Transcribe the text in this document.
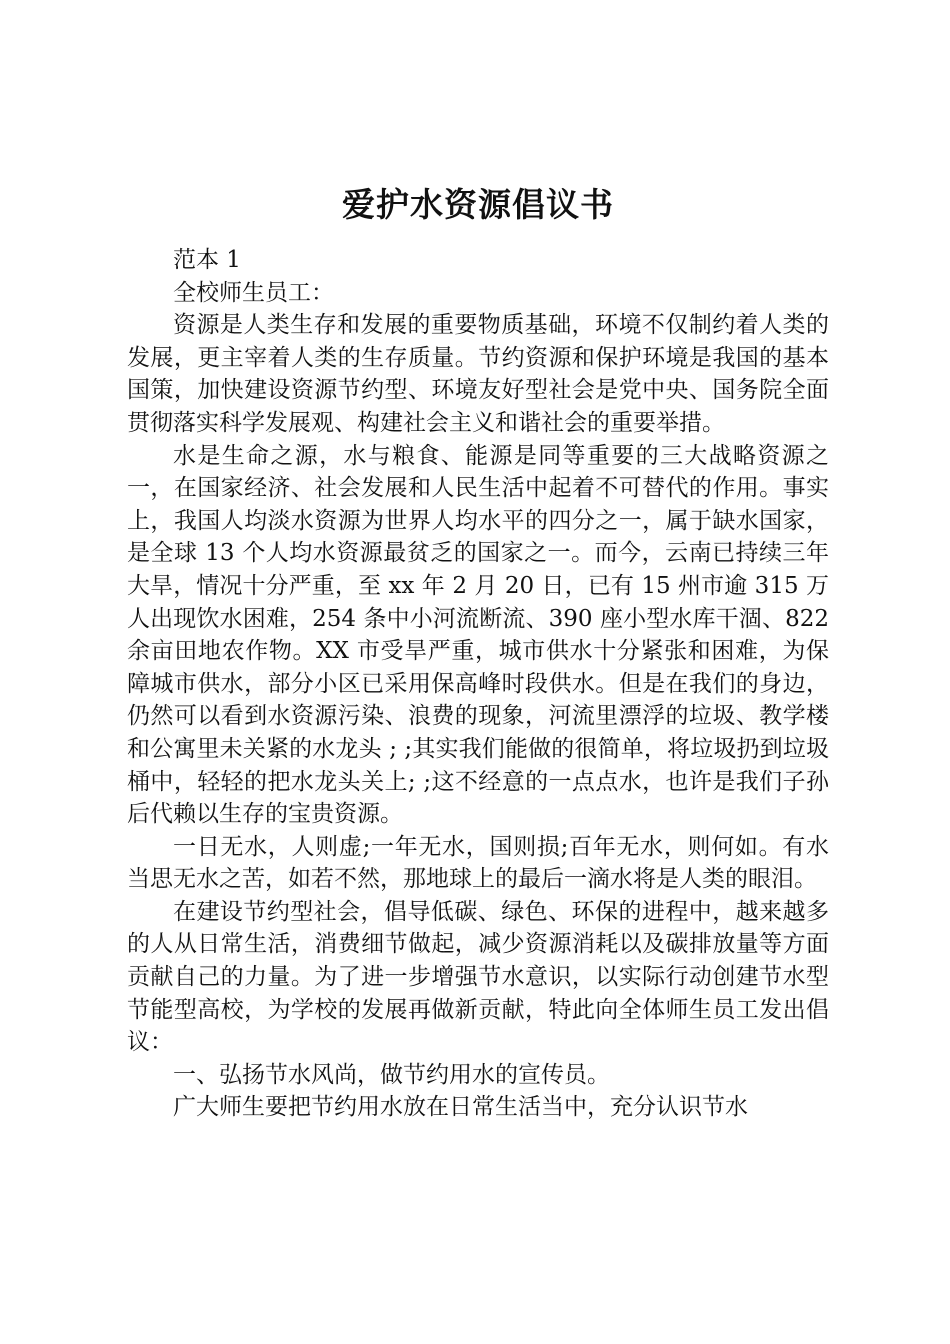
爱护水资源倡议书

范本 1

全校师生员工：

资源是人类生存和发展的重要物质基础，环境不仅制约着人类的发展，更主宰着人类的生存质量。节约资源和保护环境是我国的基本国策，加快建设资源节约型、环境友好型社会是党中央、国务院全面贯彻落实科学发展观、构建社会主义和谐社会的重要举措。

水是生命之源，水与粮食、能源是同等重要的三大战略资源之一，在国家经济、社会发展和人民生活中起着不可替代的作用。事实上，我国人均淡水资源为世界人均水平的四分之一，属于缺水国家，是全球 13 个人均水资源最贫乏的国家之一。而今，云南已持续三年大旱，情况十分严重，至 xx 年 2 月 20 日，已有 15 州市逾 315 万人出现饮水困难，254 条中小河流断流、390 座小型水库干涸、822 余亩田地农作物。XX 市受旱严重，城市供水十分紧张和困难，为保障城市供水，部分小区已采用保高峰时段供水。但是在我们的身边，仍然可以看到水资源污染、浪费的现象，河流里漂浮的垃圾、教学楼和公寓里未关紧的水龙头 ; ;其实我们能做的很简单，将垃圾扔到垃圾桶中，轻轻的把水龙头关上; ;这不经意的一点点水，也许是我们子孙后代赖以生存的宝贵资源。

一日无水，人则虚;一年无水，国则损;百年无水，则何如。有水当思无水之苦，如若不然，那地球上的最后一滴水将是人类的眼泪。

在建设节约型社会，倡导低碳、绿色、环保的进程中，越来越多的人从日常生活，消费细节做起，减少资源消耗以及碳排放量等方面贡献自己的力量。为了进一步增强节水意识，以实际行动创建节水型节能型高校，为学校的发展再做新贡献，特此向全体师生员工发出倡议：

一、弘扬节水风尚，做节约用水的宣传员。

广大师生要把节约用水放在日常生活当中，充分认识节水
